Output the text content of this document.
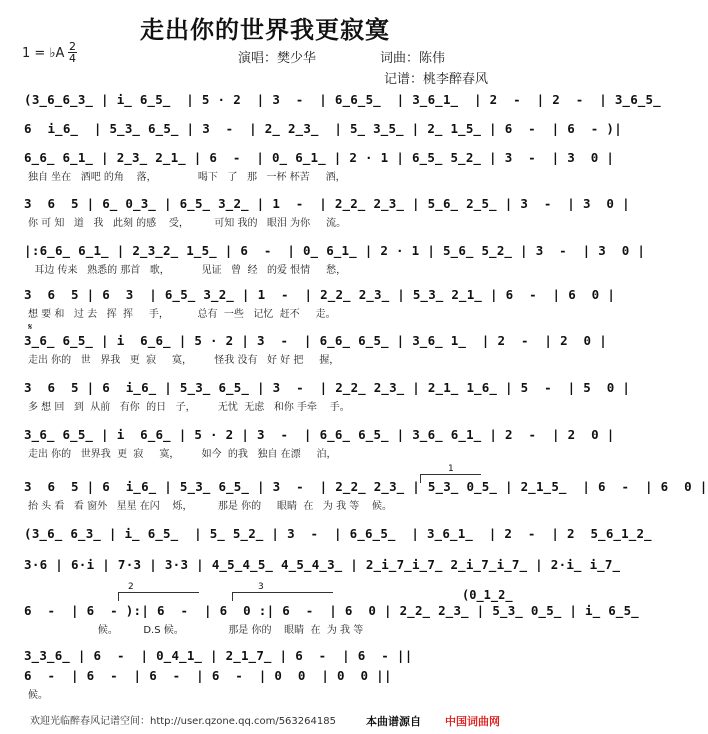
走出你的世界我更寂寞
1 = ♭A 2
4	演唱：樊少华	词曲：陈伟
记谱：桃李醉春风
𝄋
(3̲6̲6̲3̲ | i̲ 6̲5̲  | 5 · 2  | 3  -  | 6̲6̲5̲  | 3̲6̲1̲  | 2  -  | 2  -  | 3̲6̲5̲
6  i̲6̲  | 5̲3̲ 6̲5̲ | 3  -  | 2̲ 2̲3̲  | 5̲ 3̲5̲ | 2̲ 1̲5̲ | 6  -  | 6  - )|
6̲6̲ 6̲1̲ | 2̲3̲ 2̲1̲ | 6  -  | 0̲ 6̲1̲ | 2 · 1 | 6̲5̲ 5̲2̲ | 3  -  | 3  0 |
独自 坐在   酒吧 的角    落，             喝下   了   那   一杯 杯苦     酒，
3  6  5 | 6̲ 0̲3̲ | 6̲5̲ 3̲2̲ | 1  -  | 2̲2̲ 2̲3̲ | 5̲6̲ 2̲5̲ | 3  -  | 3  0 |
你 可 知   道   我   此刻 的感    受，        可知 我的   眼泪 为你     流。
|:6̲6̲ 6̲1̲ | 2̲3̲2̲ 1̲5̲ | 6  -  | 0̲ 6̲1̲ | 2 · 1 | 5̲6̲ 5̲2̲ | 3  -  | 3  0 |
耳边 传来   熟悉的 那首   歌，          见证   曾  经   的爱 恨情     愁，
3  6  5 | 6  3  | 6̲5̲ 3̲2̲ | 1  -  | 2̲2̲ 2̲3̲ | 5̲3̲ 2̲1̲ | 6  -  | 6  0 |
想 要 和   过 去   挥  挥     手，         总有  一些   记忆  赶不     走。
3̲6̲ 6̲5̲ | i  6̲6̲ | 5 · 2 | 3  -  | 6̲6̲ 6̲5̲ | 3̲6̲ 1̲  | 2  -  | 2  0 |
走出 你的   世   界我   更  寂     寞，       怪我 没有   好 好 把     握，
3  6  5 | 6  i̲6̲ | 5̲3̲ 6̲5̲ | 3  -  | 2̲2̲ 2̲3̲ | 2̲1̲ 1̲6̲ | 5  -  | 5  0 |
多 想 回   到  从前   有你  的日   子，       无忧  无虑   和你 手牵    手。
3̲6̲ 6̲5̲ | i  6̲6̲ | 5 · 2 | 3  -  | 6̲6̲ 6̲5̲ | 3̲6̲ 6̲1̲ | 2  -  | 2  0 |
走出 你的   世界我  更  寂     寞，       如今  的我   独自 在漂     泊，
3  6  5 | 6  i̲6̲ | 5̲3̲ 6̲5̲ | 3  -  | 2̲2̲ 2̲3̲ | 5̲3̲ 0̲5̲ | 2̲1̲5̲  | 6  -  | 6  0 |
抬 头 看   看 窗外   星星 在闪    烁，        那是 你的     眼睛  在   为 我 等    候。
(3̲6̲ 6̲3̲ | i̲ 6̲5̲  | 5̲ 5̲2̲ | 3  -  | 6̲6̲5̲  | 3̲6̲1̲  | 2  -  | 2  5̲6̲1̲2̲
3·6 | 6·i | 7·3 | 3·3 | 4̲5̲4̲5̲ 4̲5̲4̲3̲ | 2̲i̲7̲i̲7̲ 2̲i̲7̲i̲7̲ | 2·i̲ i̲7̲
6  -  | 6  - ):| 6  -  | 6  0 :| 6  -  | 6  0 | 2̲2̲ 2̲3̲ | 5̲3̲ 0̲5̲ | i̲ 6̲5̲
候。        D.S 候。              那是 你的    眼睛  在  为 我 等
3̲3̲6̲ | 6  -  | 0̲4̲1̲ | 2̲1̲7̲ | 6  -  | 6  - ||
6  -  | 6  -  | 6  -  | 6  -  | 0  0  | 0  0 ||
候。
1
2	3
(0̲1̲2̲
欢迎光临醉春风记谱空间：http://user.qzone.qq.com/563264185	本曲谱源自 中国词曲网
